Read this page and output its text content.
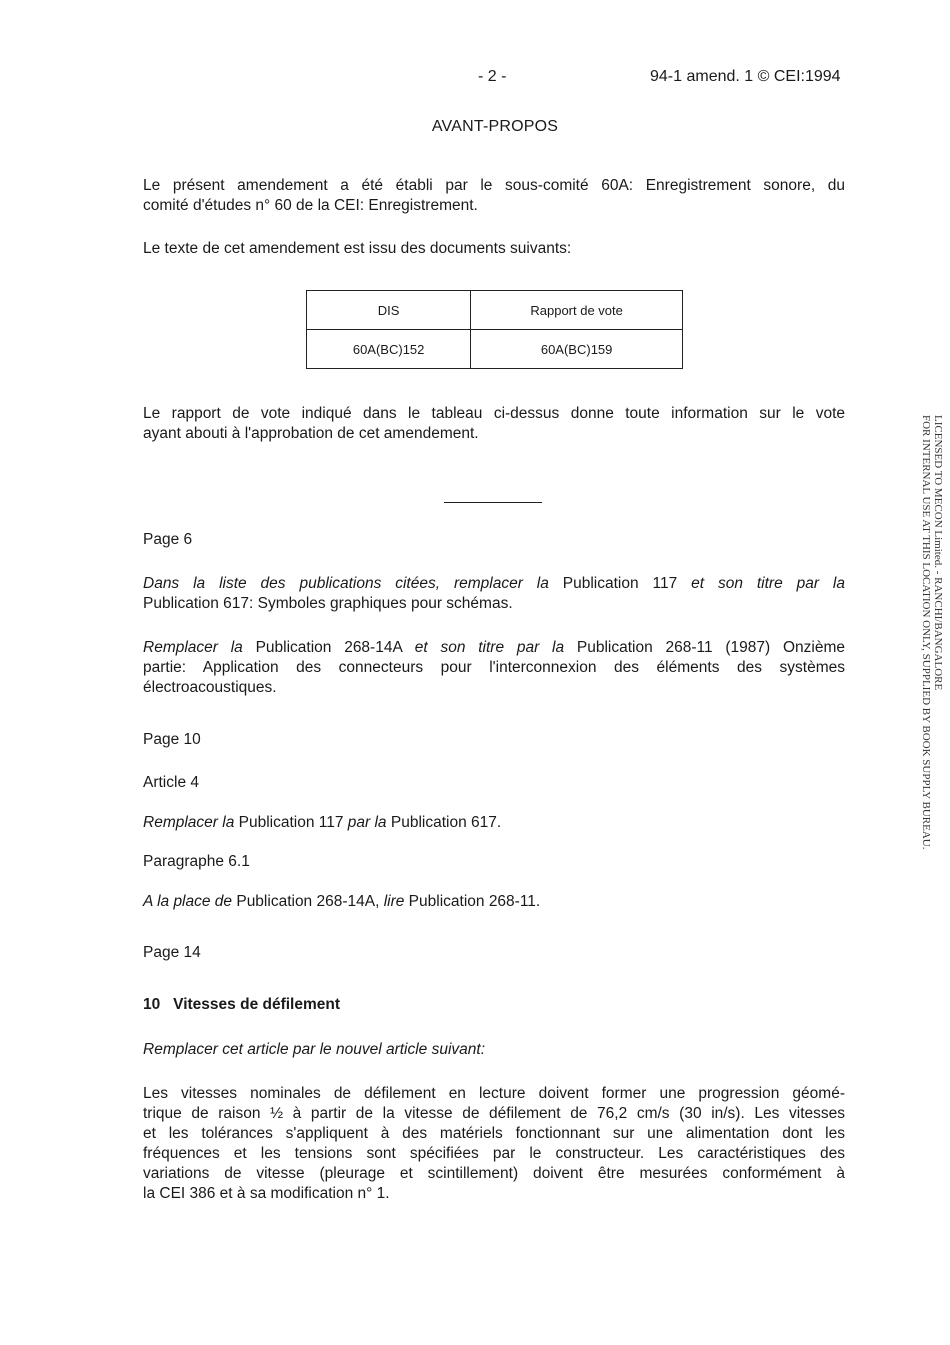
- 2 -	94-1 amend. 1 © CEI:1994
AVANT-PROPOS
Le présent amendement a été établi par le sous-comité 60A: Enregistrement sonore, du
comité d'études n° 60 de la CEI: Enregistrement.
Le texte de cet amendement est issu des documents suivants:
DIS	Rapport de vote
60A(BC)152	60A(BC)159
Le rapport de vote indiqué dans le tableau ci-dessus donne toute information sur le vote
ayant abouti à l'approbation de cet amendement.
Page 6
Dans la liste des publications citées, remplacer la Publication 117 et son titre par la
Publication 617: Symboles graphiques pour schémas.
Remplacer la Publication 268-14A et son titre par la Publication 268-11 (1987) Onzième
partie: Application des connecteurs pour l'interconnexion des éléments des systèmes
électroacoustiques.
Page 10
Article 4
Remplacer la Publication 117 par la Publication 617.
Paragraphe 6.1
A la place de Publication 268-14A, lire Publication 268-11.
Page 14
10   Vitesses de défilement
Remplacer cet article par le nouvel article suivant:
Les vitesses nominales de défilement en lecture doivent former une progression géomé-
trique de raison ½ à partir de la vitesse de défilement de 76,2 cm/s (30 in/s). Les vitesses
et les tolérances s'appliquent à des matériels fonctionnant sur une alimentation dont les
fréquences et les tensions sont spécifiées par le constructeur. Les caractéristiques des
variations de vitesse (pleurage et scintillement) doivent être mesurées conformément à
la CEI 386 et à sa modification n° 1.
LICENSED TO MECON Limited. - RANCHI/BANGALORE
FOR INTERNAL USE AT THIS LOCATION ONLY, SUPPLIED BY BOOK SUPPLY BUREAU.
